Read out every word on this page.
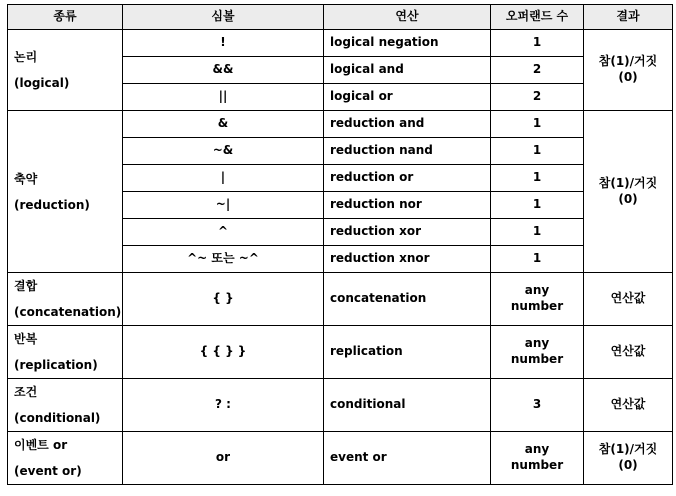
종류	심볼	연산	오퍼랜드 수	결과

논리
(logical)	!	logical negation	1	참(1)/거짓(0)
	&&	logical and	2	
	||	logical or	2	

축약
(reduction)	&	reduction and	1	참(1)/거짓(0)
	~&	reduction nand	1	
	|	reduction or	1	
	~|	reduction nor	1	
	^	reduction xor	1	
	^~ 또는 ~^	reduction xnor	1	

결합
(concatenation)	{ }	concatenation	any number	연산값

반복
(replication)	{ { } }	replication	any number	연산값

조건
(conditional)	? :	conditional	3	연산값

이벤트 or
(event or)	or	event or	any number	참(1)/거짓(0)
